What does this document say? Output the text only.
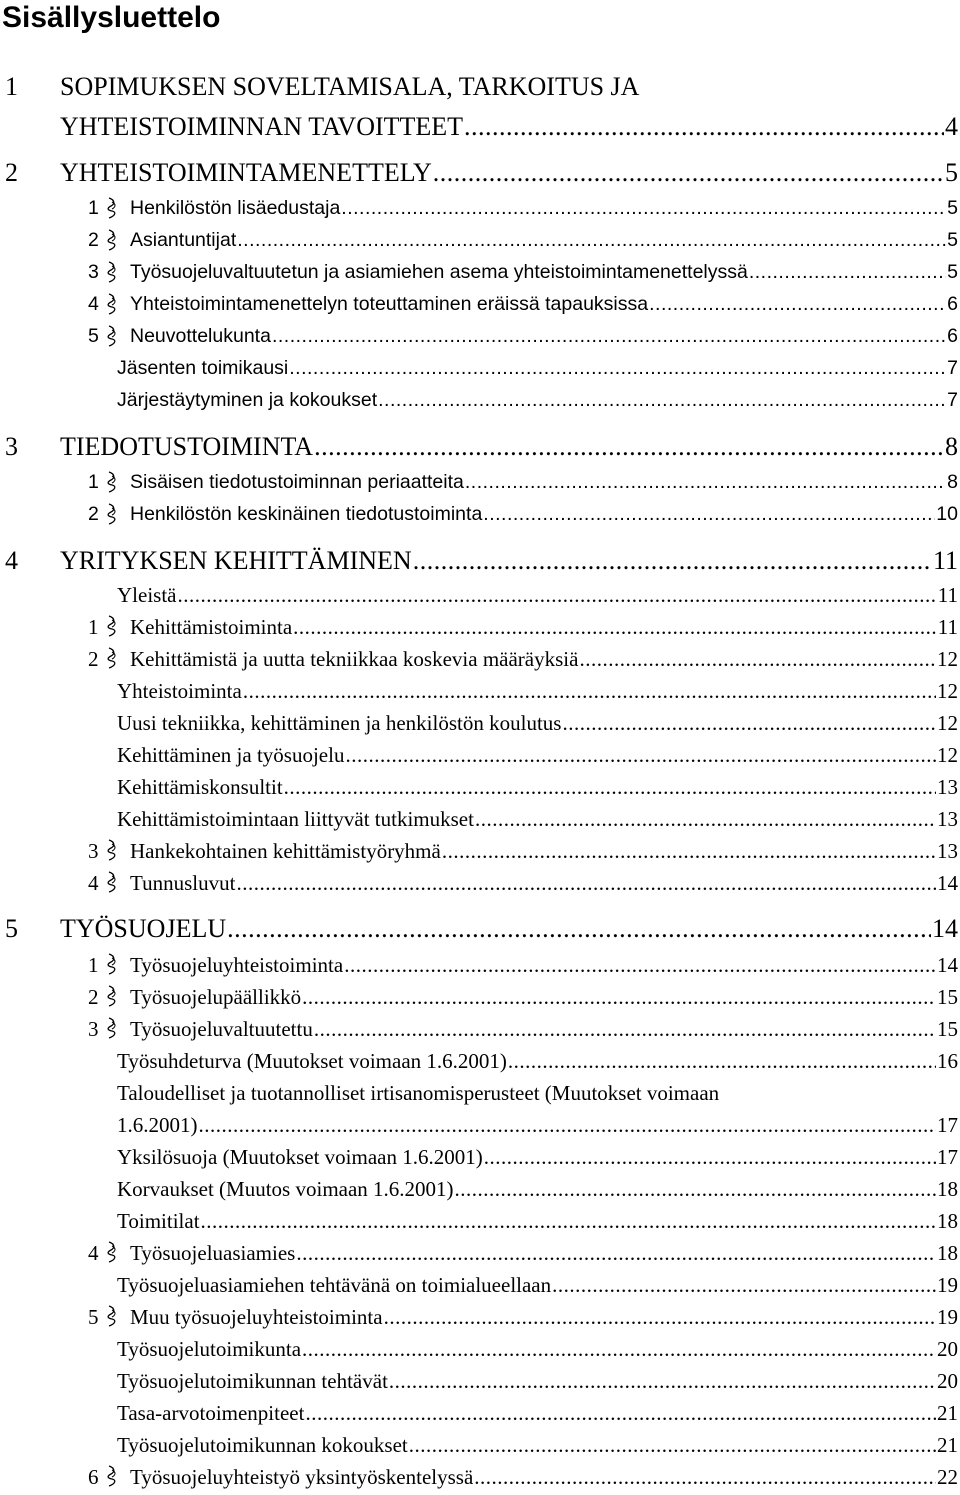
Sisällysluettelo
1	SOPIMUKSEN SOVELTAMISALA, TARKOITUS JA
YHTEISTOIMINNAN TAVOITTEET .....	4
2	YHTEISTOIMINTAMENETTELY .....	5
1 Henkilöstön lisäedustaja .....	5
2 Asiantuntijat .....	5
3 Työsuojeluvaltuutetun ja asiamiehen asema yhteistoimintamenettelyssä .....	5
4 Yhteistoimintamenettelyn toteuttaminen eräissä tapauksissa .....	6
5 Neuvottelukunta .....	6
Jäsenten toimikausi .....	7
Järjestäytyminen ja kokoukset .....	7
3	TIEDOTUSTOIMINTA .....	8
1 Sisäisen tiedotustoiminnan periaatteita .....	8
2 Henkilöstön keskinäinen tiedotustoiminta .....	10
4	YRITYKSEN KEHITTÄMINEN .....	11
Yleistä .....	11
1 Kehittämistoiminta .....	11
2 Kehittämistä ja uutta tekniikkaa koskevia määräyksiä .....	12
Yhteistoiminta .....	12
Uusi tekniikka, kehittäminen ja henkilöstön koulutus .....	12
Kehittäminen ja työsuojelu .....	12
Kehittämiskonsultit .....	13
Kehittämistoimintaan liittyvät tutkimukset .....	13
3 Hankekohtainen kehittämistyöryhmä .....	13
4 Tunnusluvut .....	14
5	TYÖSUOJELU .....	14
1 Työsuojeluyhteistoiminta .....	14
2 Työsuojelupäällikkö .....	15
3 Työsuojeluvaltuutettu .....	15
Työsuhdeturva (Muutokset voimaan 1.6.2001) .....	16
Taloudelliset ja tuotannolliset irtisanomisperusteet (Muutokset voimaan
1.6.2001) .....	17
Yksilösuoja (Muutokset voimaan 1.6.2001) .....	17
Korvaukset (Muutos voimaan 1.6.2001) .....	18
Toimitilat .....	18
4 Työsuojeluasiamies .....	18
Työsuojeluasiamiehen tehtävänä on toimialueellaan .....	19
5 Muu työsuojeluyhteistoiminta .....	19
Työsuojelutoimikunta .....	20
Työsuojelutoimikunnan tehtävät .....	20
Tasa-arvotoimenpiteet .....	21
Työsuojelutoimikunnan kokoukset .....	21
6 Työsuojeluyhteistyö yksintyöskentelyssä .....	22
